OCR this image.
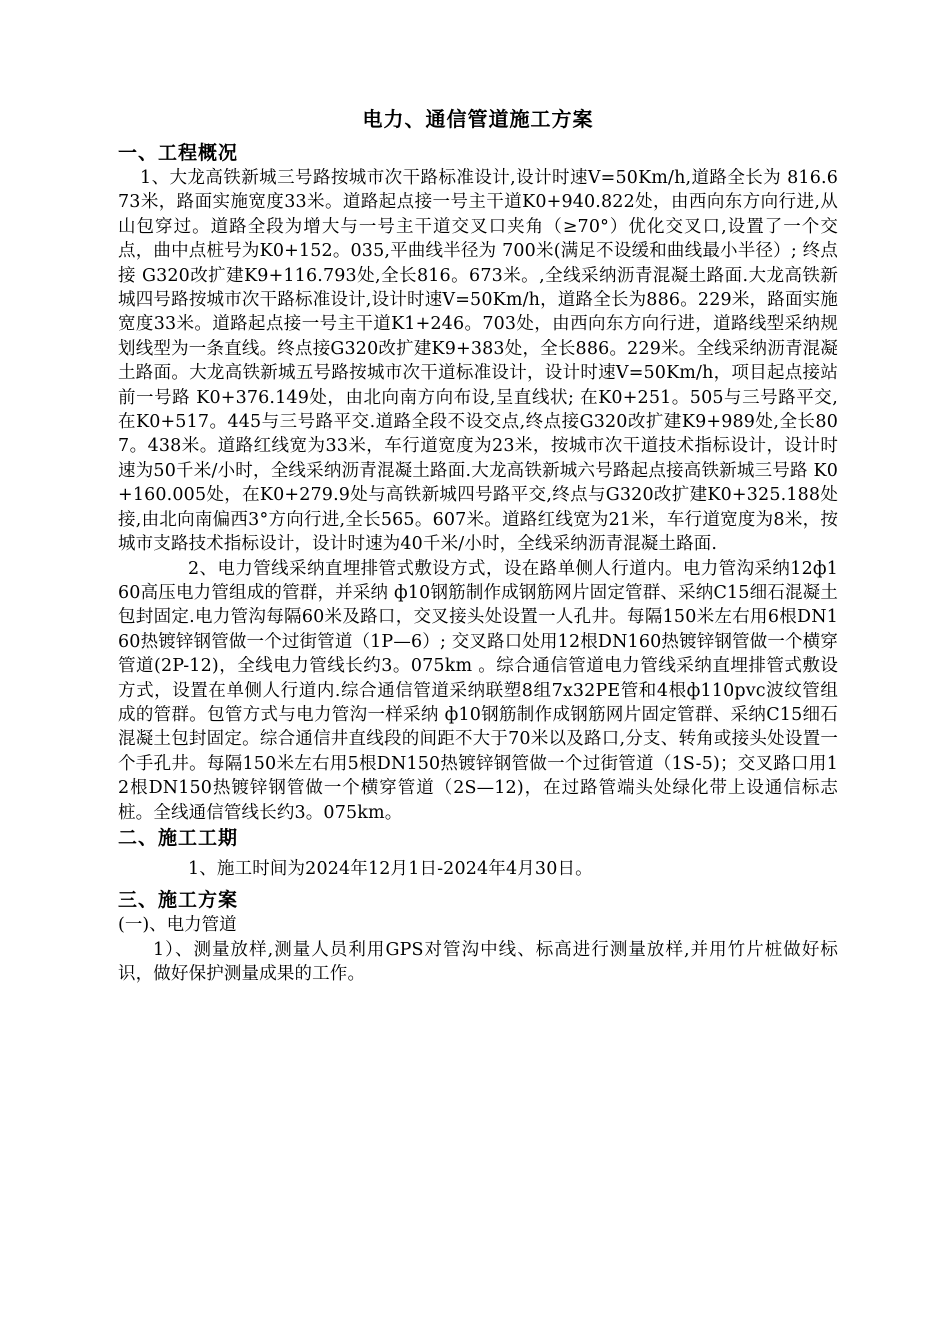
电力、通信管道施工方案
一、工程概况

1、大龙高铁新城三号路按城市次干路标准设计,设计时速V=50Km/h,道路全长为 816.673米，路面实施宽度33米。道路起点接一号主干道K0+940.822处，由西向东方向行进,从山包穿过。道路全段为增大与一号主干道交叉口夹角（≥70°）优化交叉口,设置了一个交点，曲中点桩号为K0+152。035,平曲线半径为 700米(满足不设缓和曲线最小半径）; 终点接 G320改扩建K9+116.793处,全长816。673米。,全线采纳沥青混凝土路面.大龙高铁新城四号路按城市次干路标准设计,设计时速V=50Km/h，道路全长为886。229米，路面实施宽度33米。道路起点接一号主干道K1+246。703处，由西向东方向行进，道路线型采纳规划线型为一条直线。终点接G320改扩建K9+383处，全长886。229米。全线采纳沥青混凝土路面。大龙高铁新城五号路按城市次干道标准设计，设计时速V=50Km/h，项目起点接站前一号路 K0+376.149处，由北向南方向布设,呈直线状; 在K0+251。505与三号路平交,在K0+517。445与三号路平交.道路全段不设交点,终点接G320改扩建K9+989处,全长807。438米。道路红线宽为33米，车行道宽度为23米，按城市次干道技术指标设计，设计时速为50千米/小时，全线采纳沥青混凝土路面.大龙高铁新城六号路起点接高铁新城三号路 K0+160.005处，在K0+279.9处与高铁新城四号路平交,终点与G320改扩建K0+325.188处接,由北向南偏西3°方向行进,全长565。607米。道路红线宽为21米，车行道宽度为8米，按城市支路技术指标设计，设计时速为40千米/小时，全线采纳沥青混凝土路面.

2、电力管线采纳直埋排管式敷设方式，设在路单侧人行道内。电力管沟采纳12ф160高压电力管组成的管群，并采纳 ф10钢筋制作成钢筋网片固定管群、采纳C15细石混凝土包封固定.电力管沟每隔60米及路口，交叉接头处设置一人孔井。每隔150米左右用6根DN160热镀锌钢管做一个过街管道（1P—6）; 交叉路口处用12根DN160热镀锌钢管做一个横穿管道(2P-12)，全线电力管线长约3。075km 。综合通信管道电力管线采纳直埋排管式敷设方式，设置在单侧人行道内.综合通信管道采纳联塑8组7x32PE管和4根ф110pvc波纹管组成的管群。包管方式与电力管沟一样采纳 ф10钢筋制作成钢筋网片固定管群、采纳C15细石混凝土包封固定。综合通信井直线段的间距不大于70米以及路口,分支、转角或接头处设置一个手孔井。每隔150米左右用5根DN150热镀锌钢管做一个过街管道（1S-5)；交叉路口用12根DN150热镀锌钢管做一个横穿管道（2S—12)，在过路管端头处绿化带上设通信标志桩。全线通信管线长约3。075km。

二、施工工期

1、施工时间为2024年12月1日-2024年4月30日。

三、施工方案
(一)、电力管道

1）、测量放样,测量人员利用GPS对管沟中线、标高进行测量放样,并用竹片桩做好标识，做好保护测量成果的工作。
